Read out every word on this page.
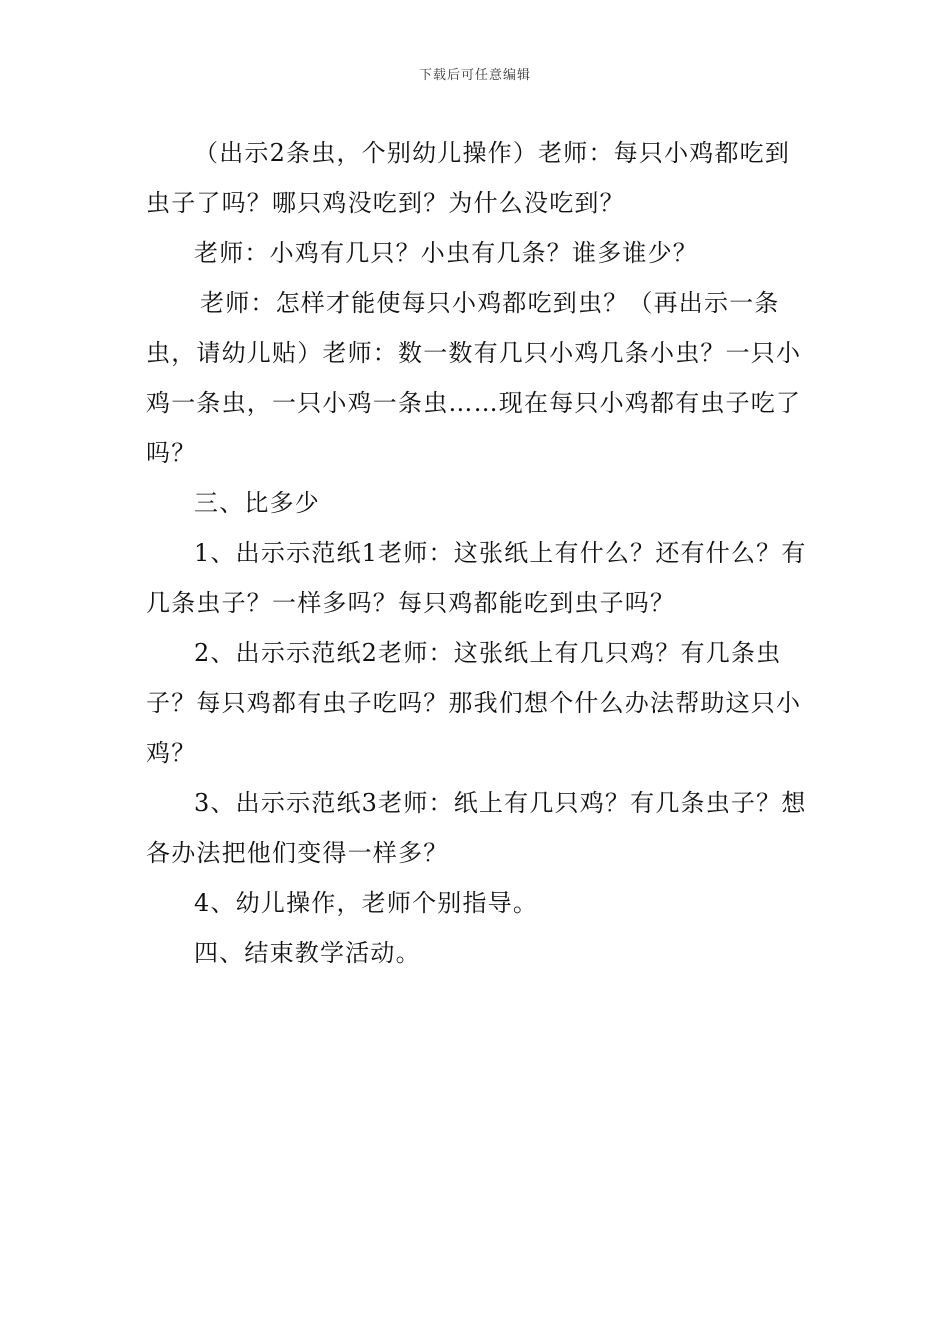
下载后可任意编辑

（出示2条虫，个别幼儿操作）老师：每只小鸡都吃到虫子了吗？哪只鸡没吃到？为什么没吃到？

老师：小鸡有几只？小虫有几条？谁多谁少？

老师：怎样才能使每只小鸡都吃到虫？（再出示一条虫，请幼儿贴）老师：数一数有几只小鸡几条小虫？一只小鸡一条虫，一只小鸡一条虫……现在每只小鸡都有虫子吃了吗？

三、比多少

1、出示示范纸1老师：这张纸上有什么？还有什么？有几条虫子？一样多吗？每只鸡都能吃到虫子吗？

2、出示示范纸2老师：这张纸上有几只鸡？有几条虫子？每只鸡都有虫子吃吗？那我们想个什么办法帮助这只小鸡？

3、出示示范纸3老师：纸上有几只鸡？有几条虫子？想各办法把他们变得一样多？

4、幼儿操作，老师个别指导。

四、结束教学活动。
